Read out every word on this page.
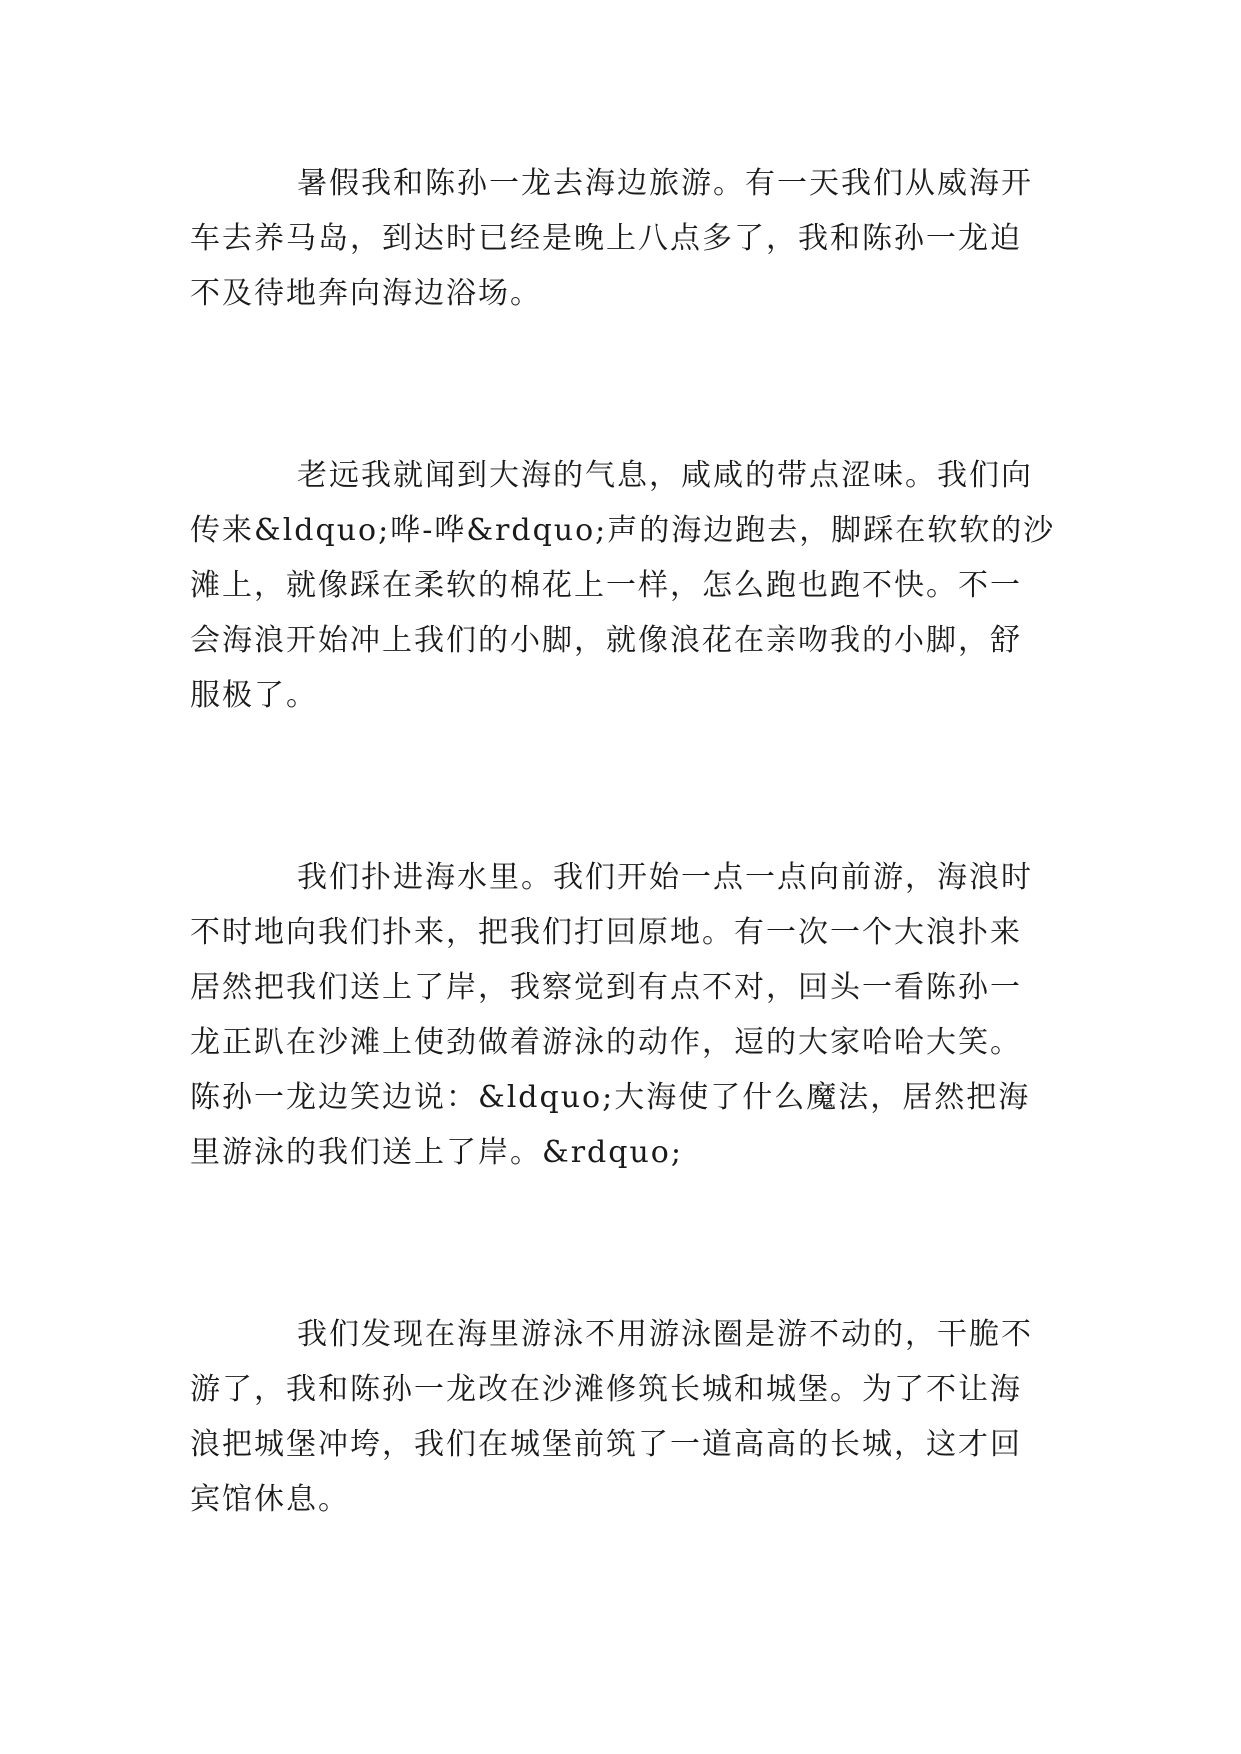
暑假我和陈孙一龙去海边旅游。有一天我们从威海开
车去养马岛，到达时已经是晚上八点多了，我和陈孙一龙迫
不及待地奔向海边浴场。
老远我就闻到大海的气息，咸咸的带点涩味。我们向
传来&ldquo;哗-哗&rdquo;声的海边跑去，脚踩在软软的沙
滩上，就像踩在柔软的棉花上一样，怎么跑也跑不快。不一
会海浪开始冲上我们的小脚，就像浪花在亲吻我的小脚，舒
服极了。
我们扑进海水里。我们开始一点一点向前游，海浪时
不时地向我们扑来，把我们打回原地。有一次一个大浪扑来
居然把我们送上了岸，我察觉到有点不对，回头一看陈孙一
龙正趴在沙滩上使劲做着游泳的动作，逗的大家哈哈大笑。
陈孙一龙边笑边说：&ldquo;大海使了什么魔法，居然把海
里游泳的我们送上了岸。&rdquo;
我们发现在海里游泳不用游泳圈是游不动的，干脆不
游了，我和陈孙一龙改在沙滩修筑长城和城堡。为了不让海
浪把城堡冲垮，我们在城堡前筑了一道高高的长城，这才回
宾馆休息。
